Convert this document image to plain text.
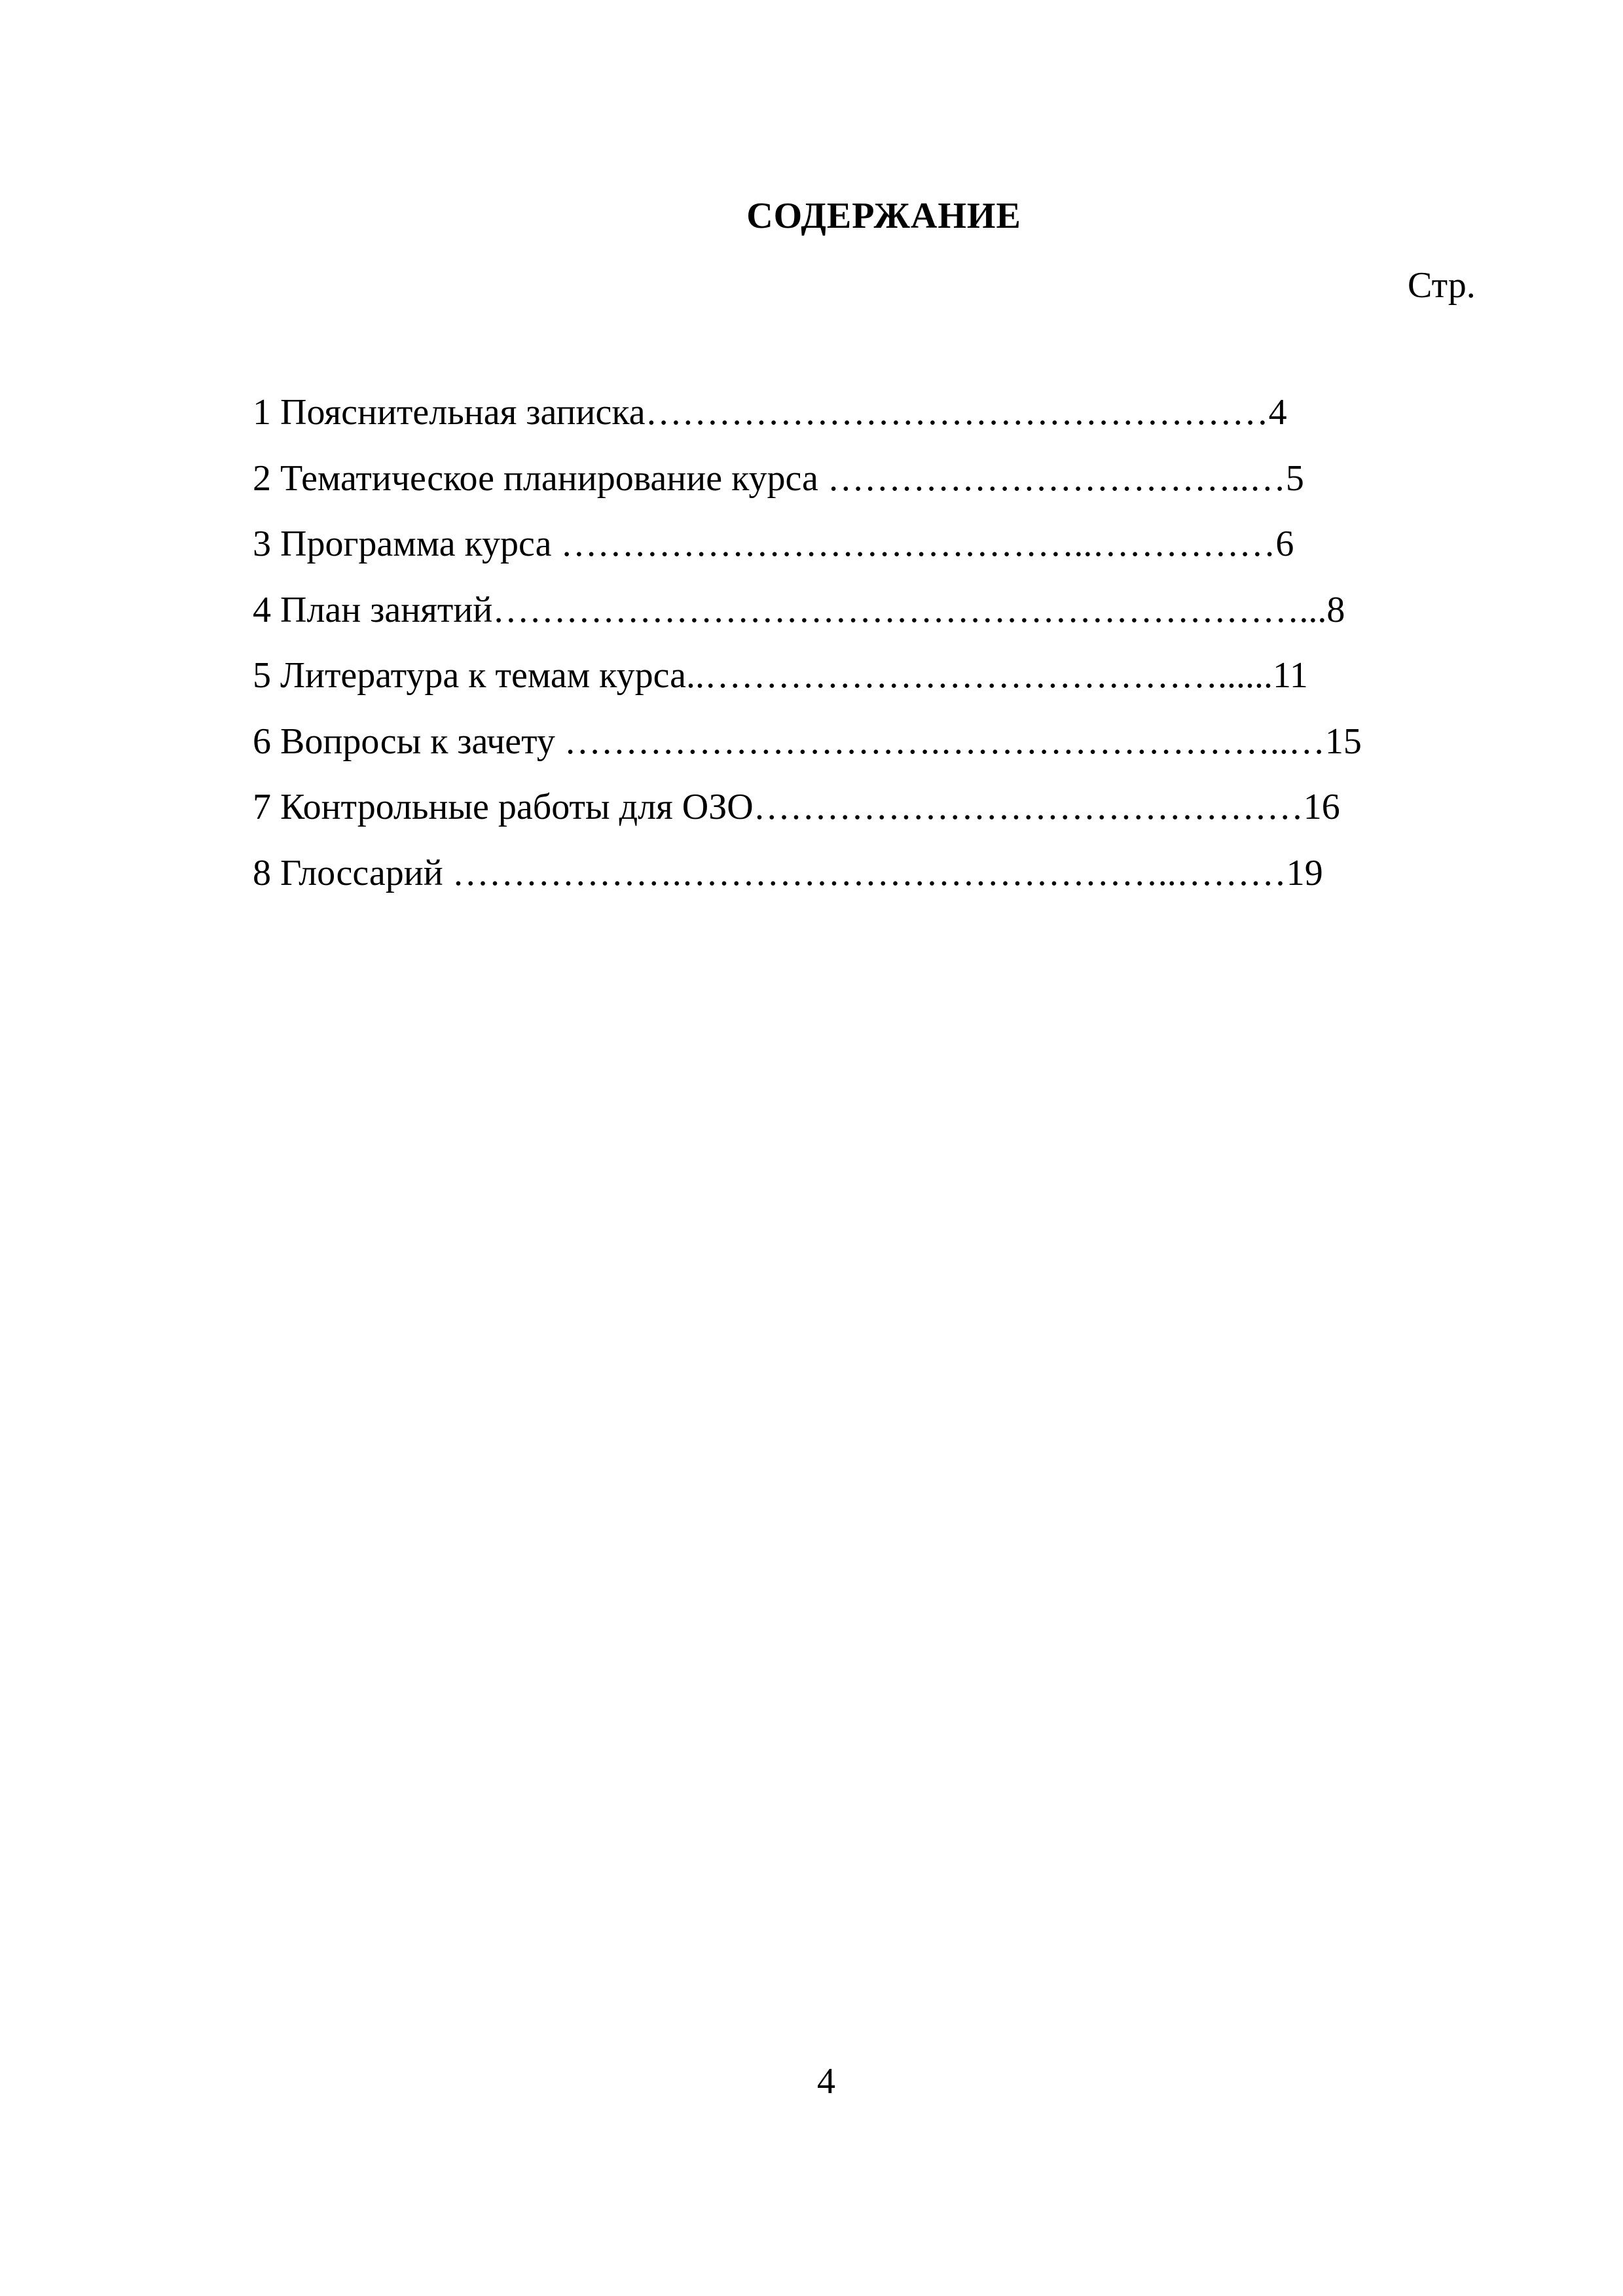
СОДЕРЖАНИЕ
Стр.
1 Пояснительная записка……………………………………………4
2 Тематическое планирование курса ……………………………..…5
3 Программа курса ……………………………………..……………6
4 План занятий…………………………………………………………...8
5 Литература к темам курса..……………………………………......11
6 Вопросы к зачету ………………………….………………………..…15
7 Контрольные работы для ОЗО………………………………………16
8 Глоссарий ……………….…………………………………..………19
4
